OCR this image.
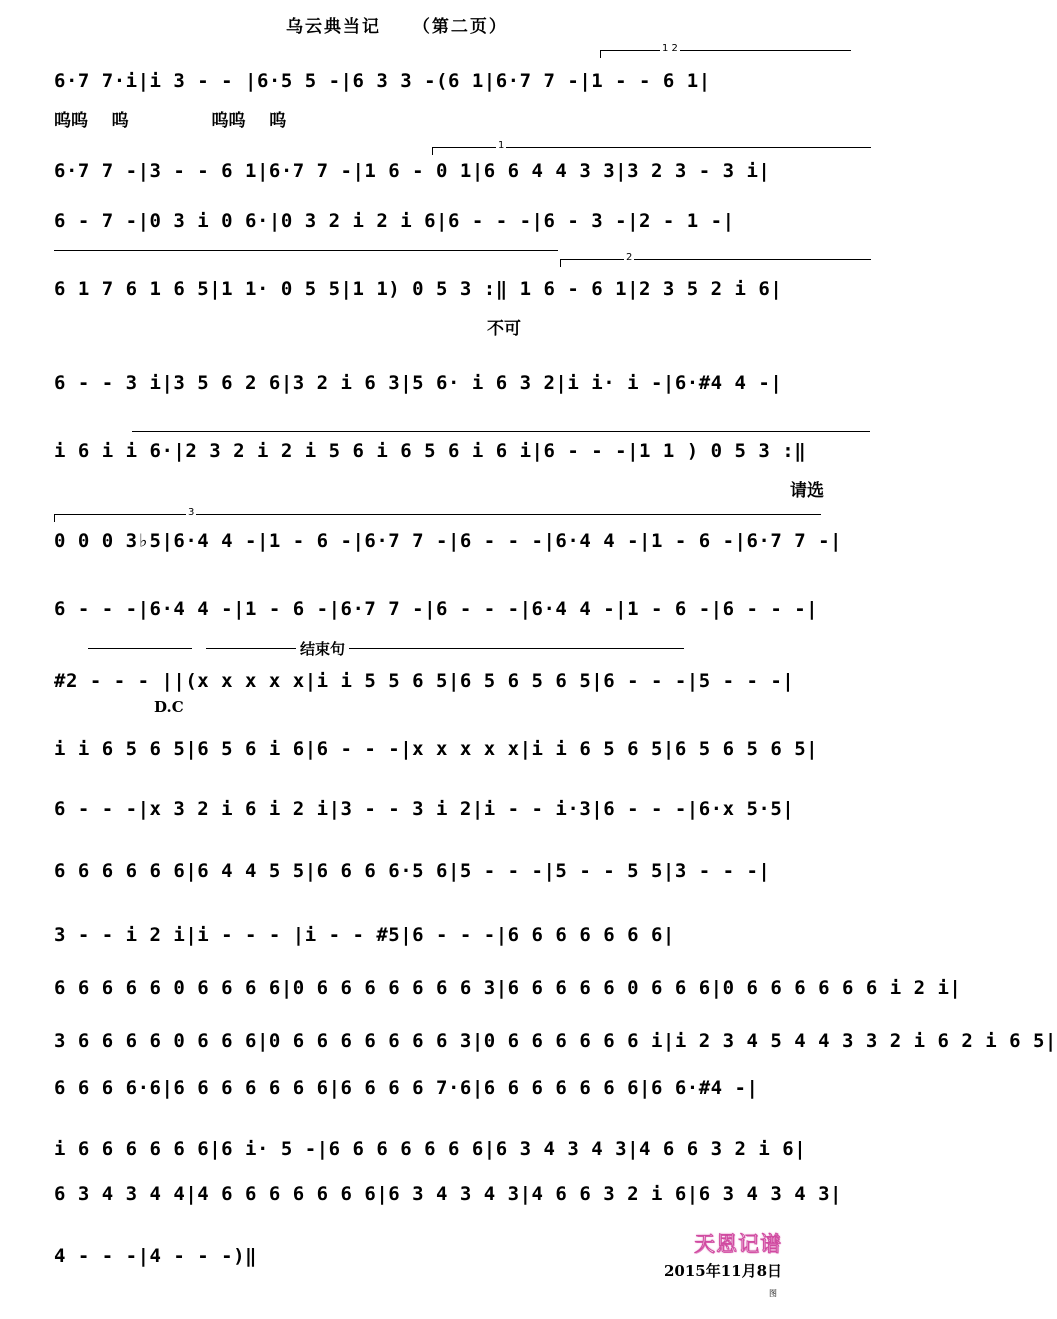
乌云典当记 （第二页）
1 2
1
2
3
结束句
6·7 7·i|i 3 - - |6·5 5 -|6 3 3 -(6 1|6·7 7 -|1 - - 6 1|
呜呜    呜              呜呜    呜
6·7 7 -|3 - - 6 1|6·7 7 -|1 6 - 0 1|6 6 4 4 3 3|3 2 3 - 3 i|
6 - 7 -|0 3 i 0 6·|0 3 2 i 2 i 6|6 - - -|6 - 3 -|2 - 1 -|
6 1 7 6 1 6 5|1 1· 0 5 5|1 1) 0 5 3 :‖ 1 6 - 6 1|2 3 5 2 i 6|
不可
6 - - 3 i|3 5 6 2 6|3 2 i 6 3|5 6· i 6 3 2|i i· i -|6·#4 4 -|
i 6 i i 6·|2 3 2 i 2 i 5 6 i 6 5 6 i 6 i|6 - - -|1 1 ) 0 5 3 :‖
请选
0 0 0 3♭5|6·4 4 -|1 - 6 -|6·7 7 -|6 - - -|6·4 4 -|1 - 6 -|6·7 7 -|
6 - - -|6·4 4 -|1 - 6 -|6·7 7 -|6 - - -|6·4 4 -|1 - 6 -|6 - - -|
#2 - - - ||(x x x x x|i i 5 5 6 5|6 5 6 5 6 5|6 - - -|5 - - -|
D.C
i i 6 5 6 5|6 5 6 i 6|6 - - -|x x x x x|i i 6 5 6 5|6 5 6 5 6 5|
6 - - -|x 3 2 i 6 i 2 i|3 - - 3 i 2|i - - i·3|6 - - -|6·x 5·5|
6 6 6 6 6 6|6 4 4 5 5|6 6 6 6·5 6|5 - - -|5 - - 5 5|3 - - -|
3 - - i 2 i|i - - - |i - - #5|6 - - -|6 6 6 6 6 6 6|
6 6 6 6 6 0 6 6 6 6|0 6 6 6 6 6 6 6 3|6 6 6 6 6 0 6 6 6|0 6 6 6 6 6 6 i 2 i|
3 6 6 6 6 0 6 6 6|0 6 6 6 6 6 6 6 3|0 6 6 6 6 6 6 i|i 2 3 4 5 4 4 3 3 2 i 6 2 i 6 5|
6 6 6 6·6|6 6 6 6 6 6 6|6 6 6 6 7·6|6 6 6 6 6 6 6|6 6·#4 -|
i 6 6 6 6 6 6|6 i· 5 -|6 6 6 6 6 6 6|6 3 4 3 4 3|4 6 6 3 2 i 6|
6 3 4 3 4 4|4 6 6 6 6 6 6 6|6 3 4 3 4 3|4 6 6 3 2 i 6|6 3 4 3 4 3|
4 - - -|4 - - -)‖	天恩记谱
2015年11月8日
图
